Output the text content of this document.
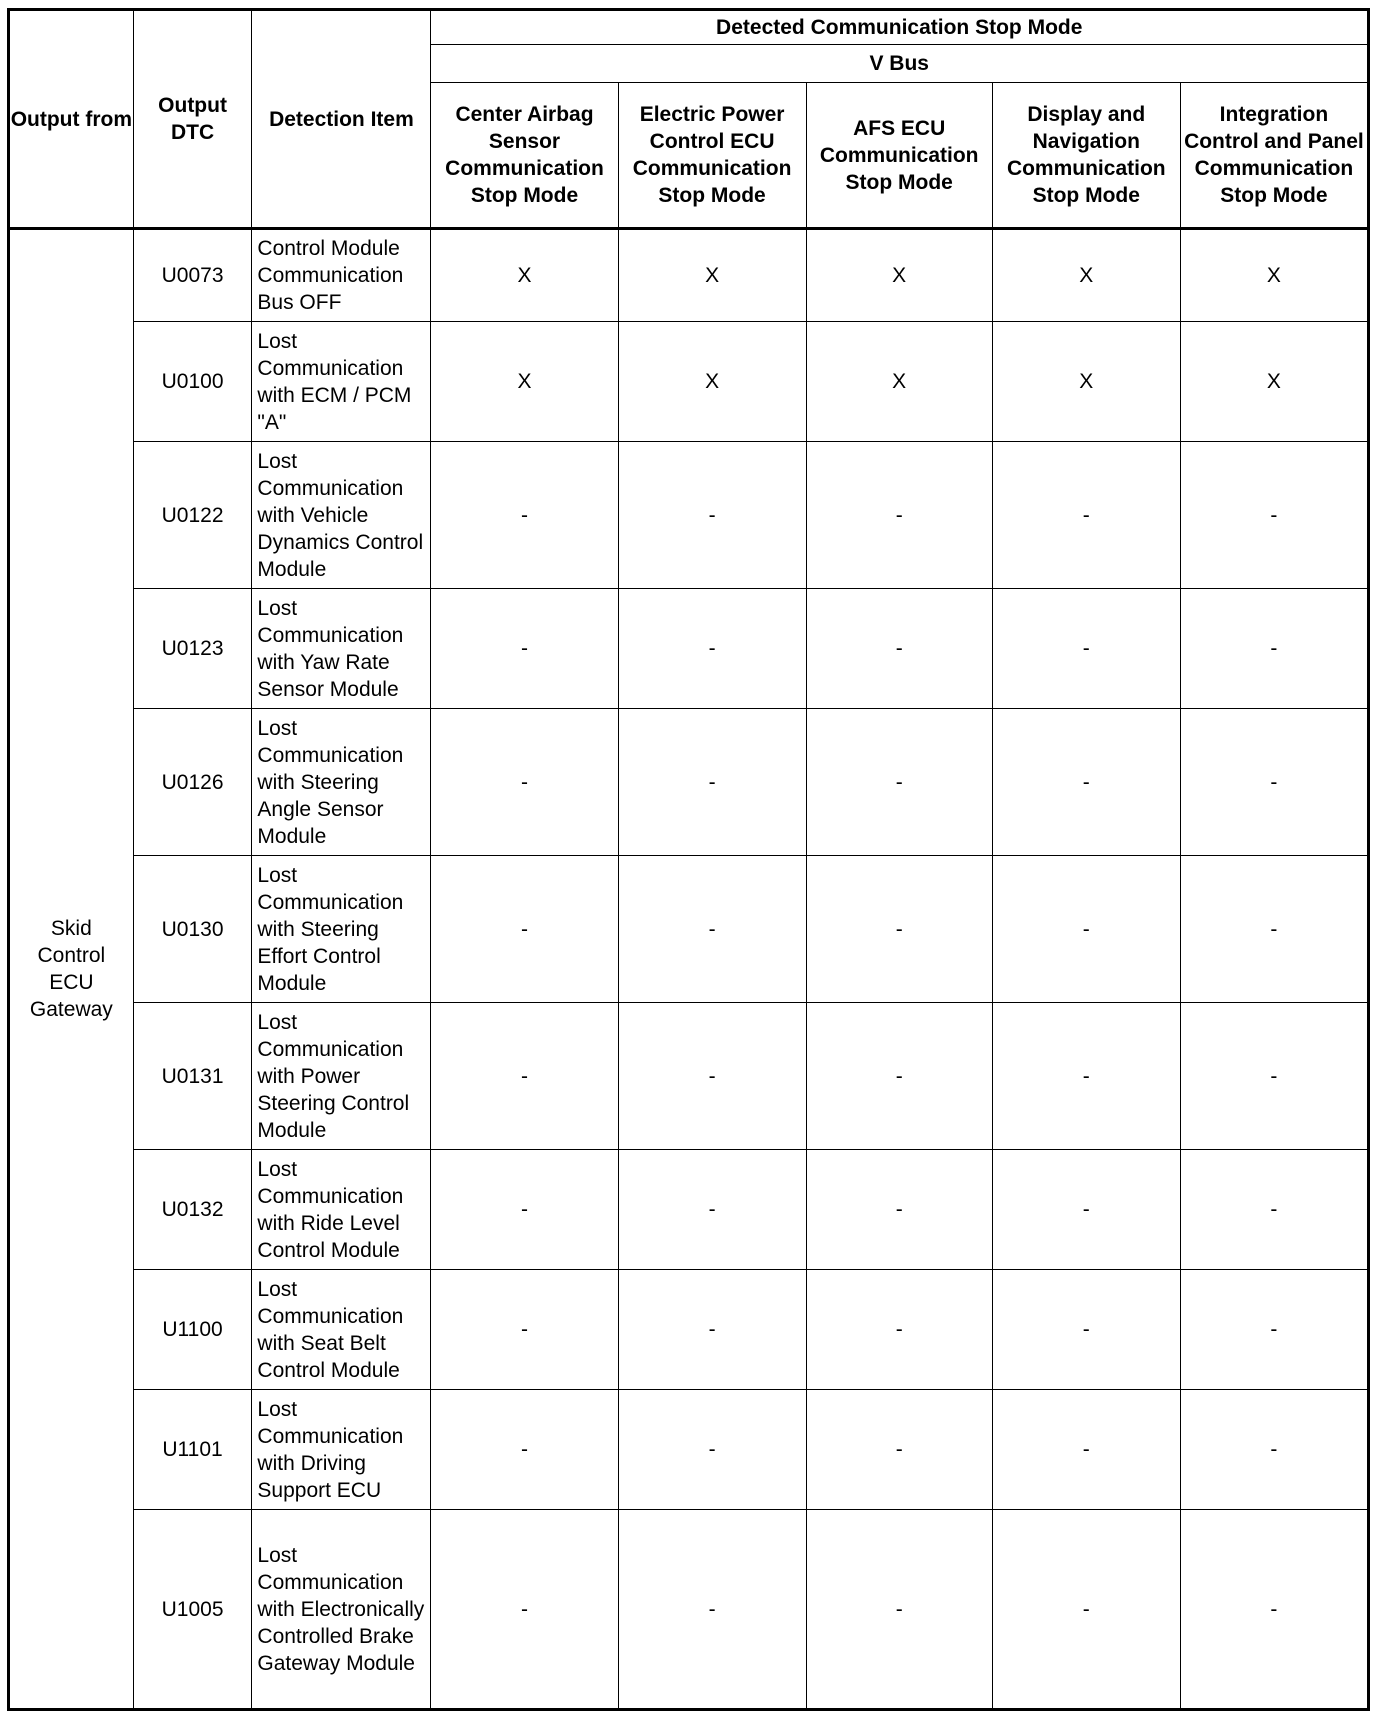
Output from	Output DTC	Detection Item	Detected Communication Stop Mode				
			V Bus				
			Center Airbag Sensor Communication Stop Mode	Electric Power Control ECU Communication Stop Mode	AFS ECU Communication Stop Mode	Display and Navigation Communication Stop Mode	Integration Control and Panel Communication Stop Mode
Skid Control ECU Gateway	U0073	Control Module Communication Bus OFF	X	X	X	X	X
	U0100	Lost Communication with ECM / PCM "A"	X	X	X	X	X
	U0122	Lost Communication with Vehicle Dynamics Control Module	-	-	-	-	-
	U0123	Lost Communication with Yaw Rate Sensor Module	-	-	-	-	-
	U0126	Lost Communication with Steering Angle Sensor Module	-	-	-	-	-
	U0130	Lost Communication with Steering Effort Control Module	-	-	-	-	-
	U0131	Lost Communication with Power Steering Control Module	-	-	-	-	-
	U0132	Lost Communication with Ride Level Control Module	-	-	-	-	-
	U1100	Lost Communication with Seat Belt Control Module	-	-	-	-	-
	U1101	Lost Communication with Driving Support ECU	-	-	-	-	-
	U1005	Lost Communication with Electronically Controlled Brake Gateway Module	-	-	-	-	-
